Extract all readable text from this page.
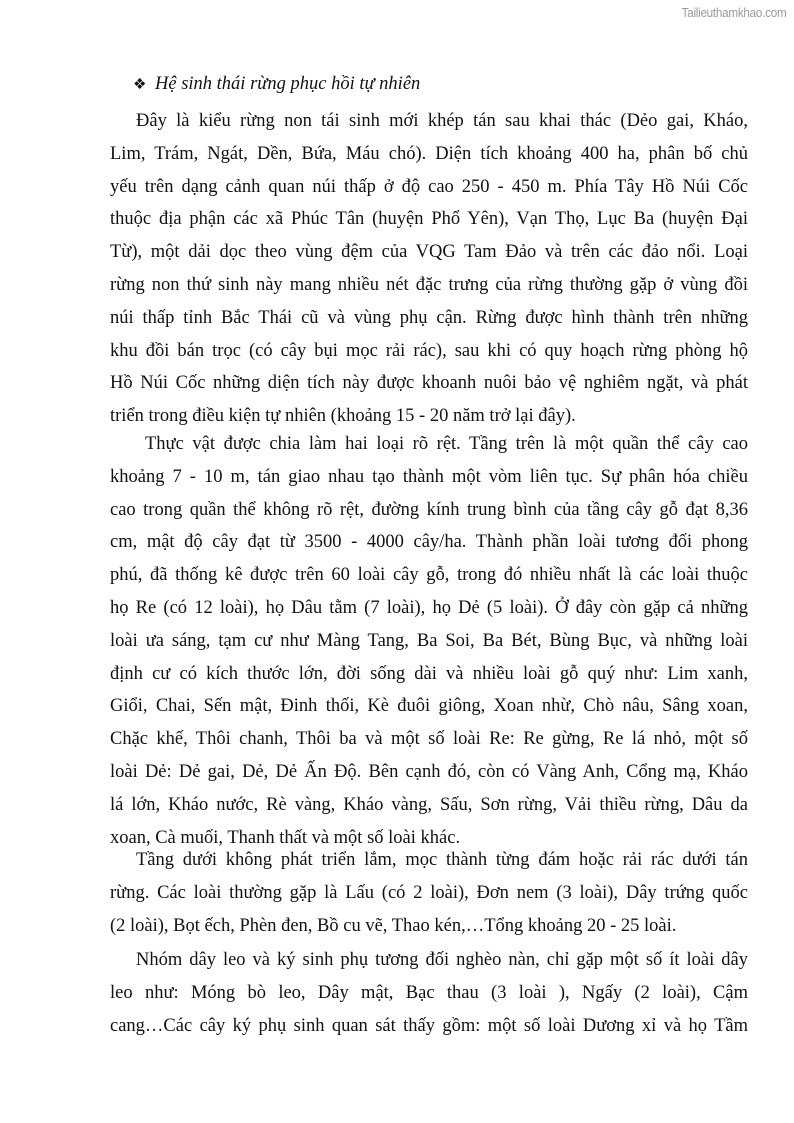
Tailieuthamkhao.com
❖ Hệ sinh thái rừng phục hồi tự nhiên
Đây là kiểu rừng non tái sinh mới khép tán sau khai thác (Dẻo gai, Kháo,
Lim, Trám, Ngát, Dền, Bứa, Máu chó). Diện tích khoảng 400 ha, phân bố chủ
yếu trên dạng cảnh quan núi thấp ở độ cao 250 - 450 m. Phía Tây Hồ Núi Cốc
thuộc địa phận các xã Phúc Tân (huyện Phổ Yên), Vạn Thọ, Lục Ba (huyện Đại
Từ), một dải dọc theo vùng đệm của VQG Tam Đảo và trên các đảo nổi. Loại
rừng non thứ sinh này mang nhiều nét đặc trưng của rừng thường gặp ở vùng đồi
núi thấp tỉnh Bắc Thái cũ và vùng phụ cận. Rừng được hình thành trên những
khu đồi bán trọc (có cây bụi mọc rải rác), sau khi có quy hoạch rừng phòng hộ
Hồ Núi Cốc những diện tích này được khoanh nuôi bảo vệ nghiêm ngặt, và phát
triển trong điều kiện tự nhiên (khoảng 15 - 20 năm trở lại đây).
Thực vật được chia làm hai loại rõ rệt. Tầng trên là một quần thể cây cao
khoảng 7 - 10 m, tán giao nhau tạo thành một vòm liên tục. Sự phân hóa chiều
cao trong quần thể không rõ rệt, đường kính trung bình của tầng cây gỗ đạt 8,36
cm, mật độ cây đạt từ 3500 - 4000 cây/ha. Thành phần loài tương đối phong
phú, đã thống kê được trên 60 loài cây gỗ, trong đó nhiều nhất là các loài thuộc
họ Re (có 12 loài), họ Dâu tằm (7 loài), họ Dẻ (5 loài). Ở đây còn gặp cả những
loài ưa sáng, tạm cư như Màng Tang, Ba Soi, Ba Bét, Bùng Bục, và những loài
định cư có kích thước lớn, đời sống dài và nhiều loài gỗ quý như: Lim xanh,
Giổi, Chai, Sến mật, Đinh thối, Kè đuôi giông, Xoan nhừ, Chò nâu, Sâng xoan,
Chặc khế, Thôi chanh, Thôi ba và một số loài Re: Re gừng, Re lá nhỏ, một số
loài Dẻ: Dẻ gai, Dẻ, Dẻ Ấn Độ. Bên cạnh đó, còn có Vàng Anh, Cổng mạ, Kháo
lá lớn, Kháo nước, Rè vàng, Kháo vàng, Sấu, Sơn rừng, Vải thiều rừng, Dâu da
xoan, Cà muối, Thanh thất và một số loài khác.
Tầng dưới không phát triển lắm, mọc thành từng đám hoặc rải rác dưới tán
rừng. Các loài thường gặp là Lấu (có 2 loài), Đơn nem (3 loài), Dây trứng quốc
(2 loài), Bọt ếch, Phèn đen, Bồ cu vẽ, Thao kén,…Tổng khoảng 20 - 25 loài.
Nhóm dây leo và ký sinh phụ tương đối nghèo nàn, chỉ gặp một số ít loài dây
leo như: Móng bò leo, Dây mật, Bạc thau (3 loài ), Ngấy (2 loài), Cậm
cang…Các cây ký phụ sinh quan sát thấy gồm: một số loài Dương xỉ và họ Tầm
